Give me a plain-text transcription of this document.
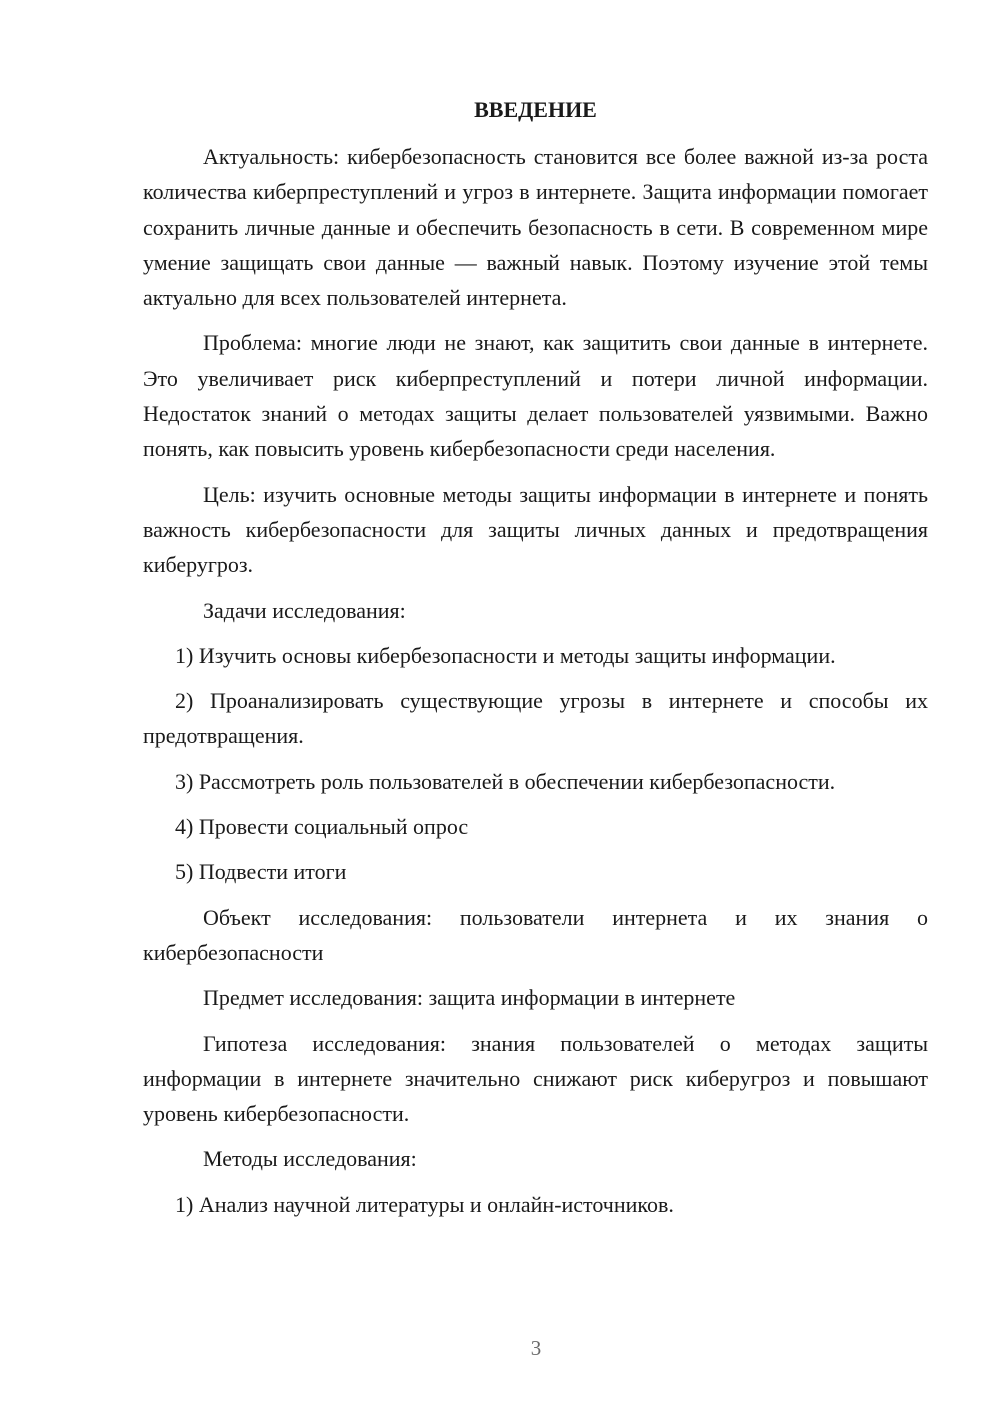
ВВЕДЕНИЕ

Актуальность: кибербезопасность становится все более важной из-за роста количества киберпреступлений и угроз в интернете. Защита информации помогает сохранить личные данные и обеспечить безопасность в сети. В современном мире умение защищать свои данные — важный навык. Поэтому изучение этой темы актуально для всех пользователей интернета.

Проблема: многие люди не знают, как защитить свои данные в интернете. Это увеличивает риск киберпреступлений и потери личной информации. Недостаток знаний о методах защиты делает пользователей уязвимыми. Важно понять, как повысить уровень кибербезопасности среди населения.

Цель: изучить основные методы защиты информации в интернете и понять важность кибербезопасности для защиты личных данных и предотвращения киберугроз.

Задачи исследования:

1) Изучить основы кибербезопасности и методы защиты информации.

2) Проанализировать существующие угрозы в интернете и способы их предотвращения.

3) Рассмотреть роль пользователей в обеспечении кибербезопасности.

4) Провести социальный опрос

5) Подвести итоги

Объект исследования: пользователи интернета и их знания о кибербезопасности

Предмет исследования: защита информации в интернете

Гипотеза исследования: знания пользователей о методах защиты информации в интернете значительно снижают риск киберугроз и повышают уровень кибербезопасности.

Методы исследования:

1) Анализ научной литературы и онлайн-источников.

3
